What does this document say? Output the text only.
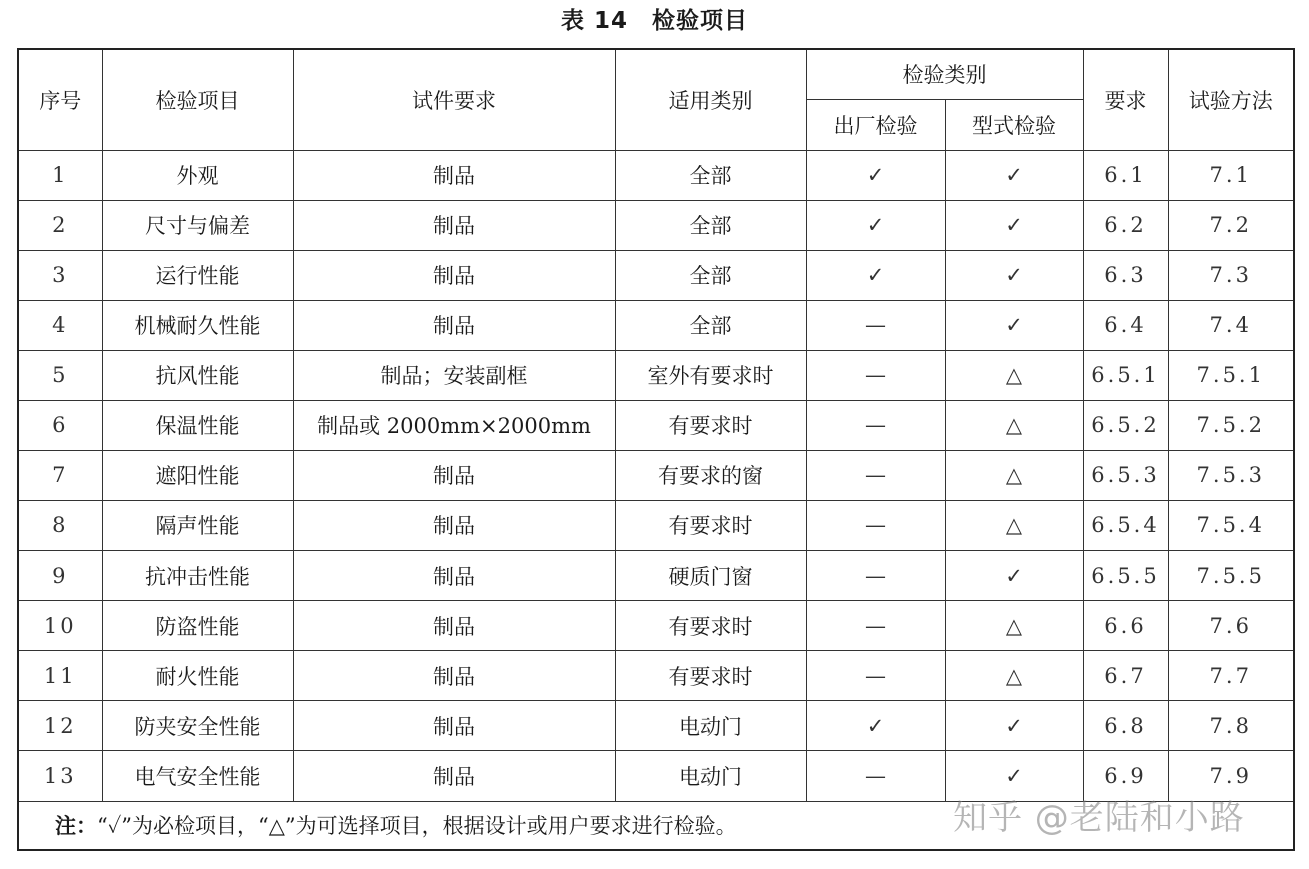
表 14　检验项目
序号	检验项目	试件要求	适用类别	检验类别		要求	试验方法
				出厂检验	型式检验		
1	外观	制品	全部	✓	✓	6.1	7.1
2	尺寸与偏差	制品	全部	✓	✓	6.2	7.2
3	运行性能	制品	全部	✓	✓	6.3	7.3
4	机械耐久性能	制品	全部	—	✓	6.4	7.4
5	抗风性能	制品；安装副框	室外有要求时	—	△	6.5.1	7.5.1
6	保温性能	制品或 2000mm×2000mm	有要求时	—	△	6.5.2	7.5.2
7	遮阳性能	制品	有要求的窗	—	△	6.5.3	7.5.3
8	隔声性能	制品	有要求时	—	△	6.5.4	7.5.4
9	抗冲击性能	制品	硬质门窗	—	✓	6.5.5	7.5.5
10	防盗性能	制品	有要求时	—	△	6.6	7.6
11	耐火性能	制品	有要求时	—	△	6.7	7.7
12	防夹安全性能	制品	电动门	✓	✓	6.8	7.8
13	电气安全性能	制品	电动门	—	✓	6.9	7.9
注：“✓”为必检项目，“△”为可选择项目，根据设计或用户要求进行检验。								知乎 @老陆和小路
